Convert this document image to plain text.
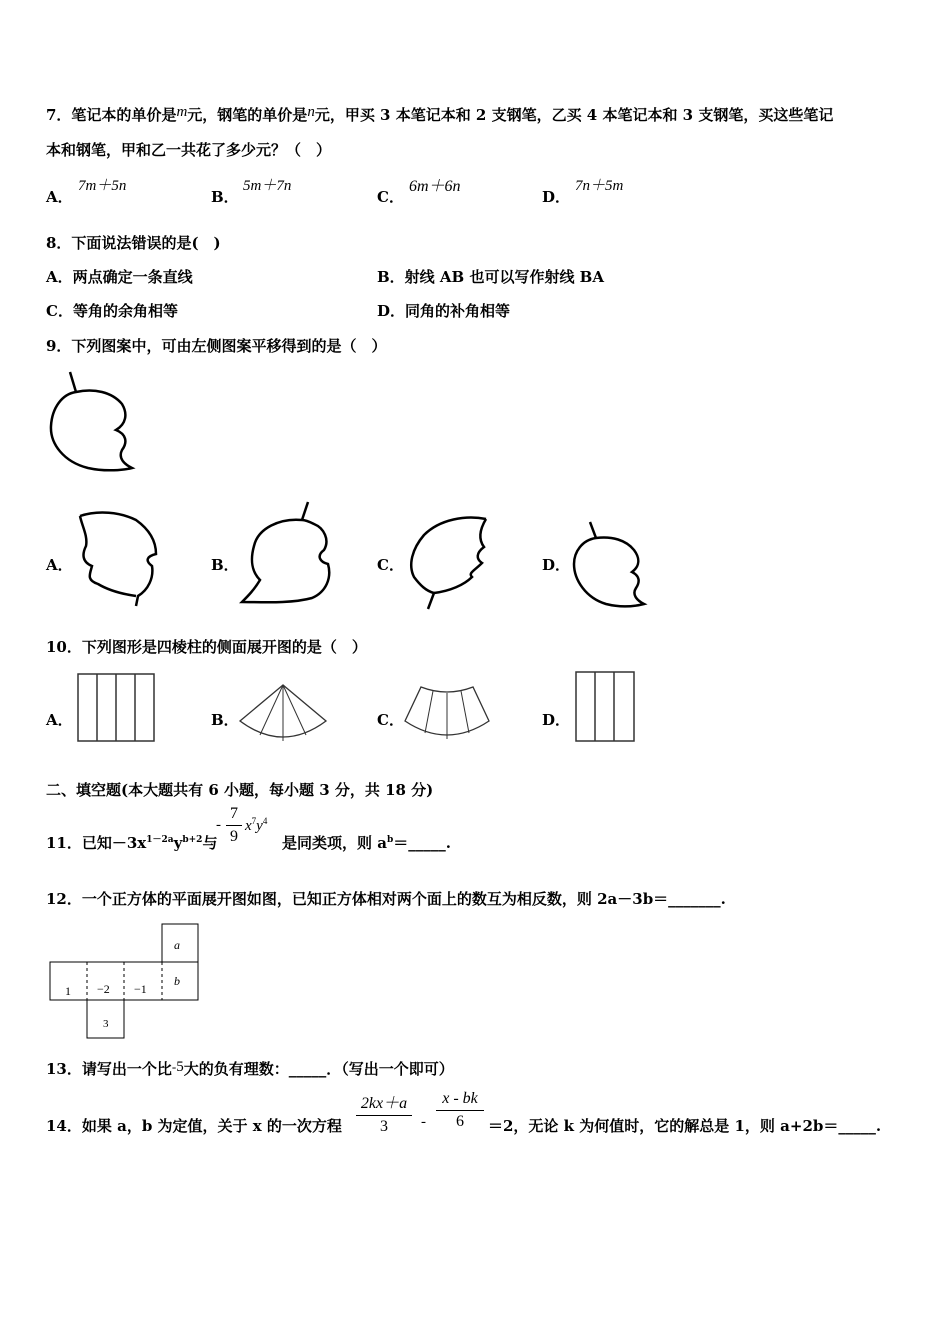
7．笔记本的单价是m元，钢笔的单价是n元，甲买 3 本笔记本和 2 支钢笔，乙买 4 本笔记本和 3 支钢笔，买这些笔记
本和钢笔，甲和乙一共花了多少元？（　）
A．
7m＋5n
B．
5m＋7n
C．
6m＋6n
D．
7n＋5m
8．下面说法错误的是(　)
A．两点确定一条直线	B．射线 AB 也可以写作射线 BA
C．等角的余角相等	D．同角的补角相等
9．下列图案中，可由左侧图案平移得到的是（　）
A．	B．	C．	D．
10．下列图形是四棱柱的侧面展开图的是（　）
A．	B．	C．	D．
二、填空题(本大题共有 6 小题，每小题 3 分，共 18 分)
11．已知$-3x^{1-2a}y^{b+2}$与
-
7
9
$x^7y^4$
是同类项，则 $a^b=\_\_\_\_\_$.
12．一个正方体的平面展开图如图，已知正方体相对两个面上的数互为相反数，则 2a－3b＝_______.
a
b
1 −2 −1
3
13．请写出一个比-5大的负有理数：_____．（写出一个即可）
14．如果 a，b 为定值，关于 x 的一次方程
2kx＋a
3	-
x - bk
6	＝2，无论 k 为何值时，它的解总是 1，则 a+2b＝_____.
